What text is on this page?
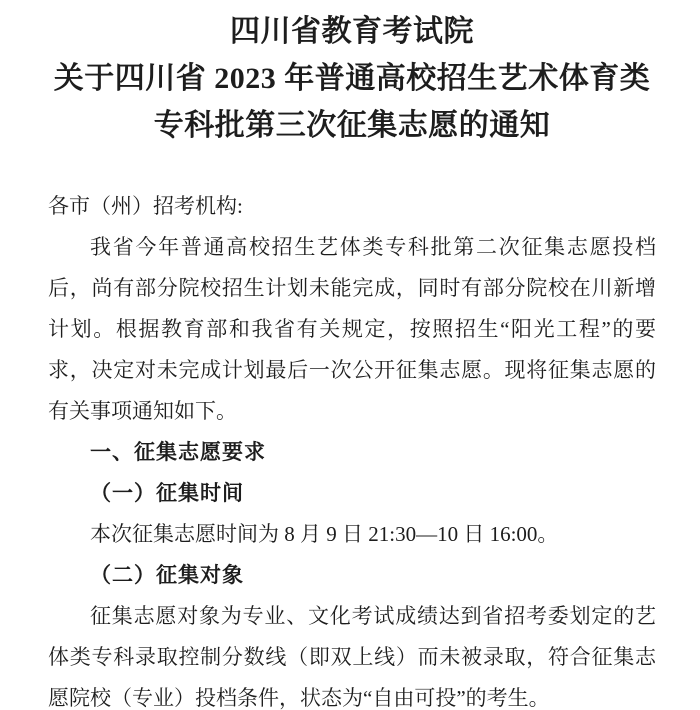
四川省教育考试院
关于四川省 2023 年普通高校招生艺术体育类
专科批第三次征集志愿的通知
各市（州）招考机构:
我省今年普通高校招生艺体类专科批第二次征集志愿投档
后，尚有部分院校招生计划未能完成，同时有部分院校在川新增
计划。根据教育部和我省有关规定，按照招生“阳光工程”的要
求，决定对未完成计划最后一次公开征集志愿。现将征集志愿的
有关事项通知如下。
一、征集志愿要求
（一）征集时间
本次征集志愿时间为 8 月 9 日 21:30—10 日 16:00。
（二）征集对象
征集志愿对象为专业、文化考试成绩达到省招考委划定的艺
体类专科录取控制分数线（即双上线）而未被录取，符合征集志
愿院校（专业）投档条件，状态为“自由可投”的考生。
